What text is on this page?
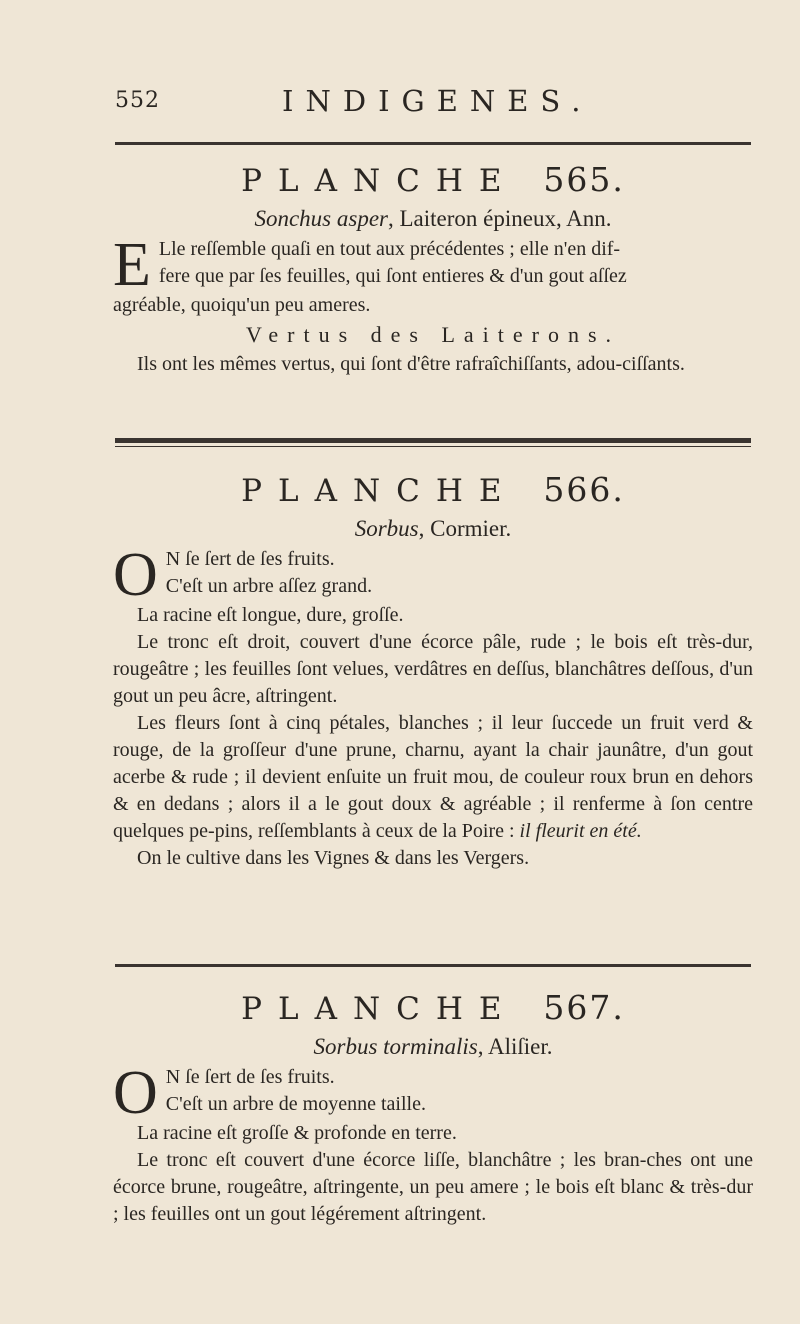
552	INDIGENES.
PLANCHE 565.
Sonchus asper, Laiteron épineux, Ann.
E Lle reſſemble quaſi en tout aux précédentes ; elle n'en dif-
fere que par ſes feuilles, qui ſont entieres & d'un gout aſſez
agréable, quoiqu'un peu ameres.
Vertus des Laiterons.
Ils ont les mêmes vertus, qui ſont d'être rafraîchiſſants, adou-ciſſants.
PLANCHE 566.
Sorbus, Cormier.
O N ſe ſert de ſes fruits.
C'eſt un arbre aſſez grand.
La racine eſt longue, dure, groſſe.
Le tronc eſt droit, couvert d'une écorce pâle, rude ; le bois eſt très-dur, rougeâtre ; les feuilles ſont velues, verdâtres en deſſus, blanchâtres deſſous, d'un gout un peu âcre, aſtringent.
Les fleurs ſont à cinq pétales, blanches ; il leur ſuccede un fruit verd & rouge, de la groſſeur d'une prune, charnu, ayant la chair jaunâtre, d'un gout acerbe & rude ; il devient enſuite un fruit mou, de couleur roux brun en dehors & en dedans ; alors il a le gout doux & agréable ; il renferme à ſon centre quelques pe-pins, reſſemblants à ceux de la Poire : il fleurit en été.
On le cultive dans les Vignes & dans les Vergers.
PLANCHE 567.
Sorbus torminalis, Aliſier.
O N ſe ſert de ſes fruits.
C'eſt un arbre de moyenne taille.
La racine eſt groſſe & profonde en terre.
Le tronc eſt couvert d'une écorce liſſe, blanchâtre ; les bran-ches ont une écorce brune, rougeâtre, aſtringente, un peu amere ; le bois eſt blanc & très-dur ; les feuilles ont un gout légérement aſtringent.
